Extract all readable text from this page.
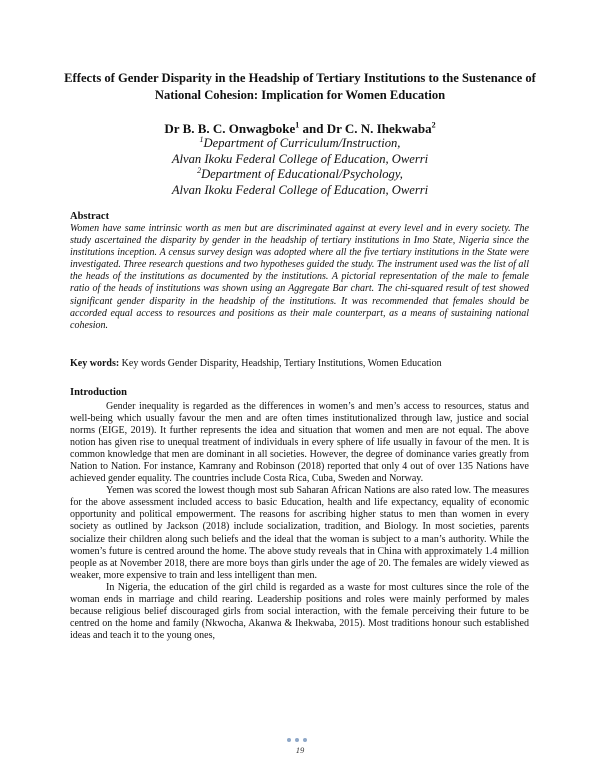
Effects of Gender Disparity in the Headship of Tertiary Institutions to the Sustenance of National Cohesion: Implication for Women Education
Dr B. B. C. Onwagboke$^1$ and Dr C. N. Ihekwaba$^2$
$^1$Department of Curriculum/Instruction,
Alvan Ikoku Federal College of Education, Owerri
$^2$Department of Educational/Psychology,
Alvan Ikoku Federal College of Education, Owerri
Abstract
Women have same intrinsic worth as men but are discriminated against at every level and in every society. The study ascertained the disparity by gender in the headship of tertiary institutions in Imo State, Nigeria since the institutions inception. A census survey design was adopted where all the five tertiary institutions in the State were investigated. Three research questions and two hypotheses guided the study. The instrument used was the list of all the heads of the institutions as documented by the institutions. A pictorial representation of the male to female ratio of the heads of institutions was shown using an Aggregate Bar chart. The chi-squared result of test showed significant gender disparity in the headship of the institutions. It was recommended that females should be accorded equal access to resources and positions as their male counterpart, as a means of sustaining national cohesion.
Key words: Key words Gender Disparity, Headship, Tertiary Institutions, Women Education
Introduction

Gender inequality is regarded as the differences in women’s and men’s access to resources, status and well-being which usually favour the men and are often times institutionalized through law, justice and social norms (EIGE, 2019). It further represents the idea and situation that women and men are not equal. The above notion has given rise to unequal treatment of individuals in every sphere of life usually in favour of the men. It is common knowledge that men are dominant in all societies. However, the degree of dominance varies greatly from Nation to Nation. For instance, Kamrany and Robinson (2018) reported that only 4 out of over 135 Nations have achieved gender equality. The countries include Costa Rica, Cuba, Sweden and Norway.

Yemen was scored the lowest though most sub Saharan African Nations are also rated low. The measures for the above assessment included access to basic Education, health and life expectancy, equality of economic opportunity and political empowerment. The reasons for ascribing higher status to men than women in every society as outlined by Jackson (2018) include socialization, tradition, and Biology. In most societies, parents socialize their children along such beliefs and the ideal that the woman is subject to a man’s authority. While the women’s future is centred around the home. The above study reveals that in China with approximately 1.4 million people as at November 2018, there are more boys than girls under the age of 20. The females are widely viewed as weaker, more expensive to train and less intelligent than men.

In Nigeria, the education of the girl child is regarded as a waste for most cultures since the role of the woman ends in marriage and child rearing. Leadership positions and roles were mainly performed by males because religious belief discouraged girls from social interaction, with the female perceiving their future to be centred on the home and family (Nkwocha, Akanwa & Ihekwaba, 2015). Most traditions honour such established ideas and teach it to the young ones,

19
